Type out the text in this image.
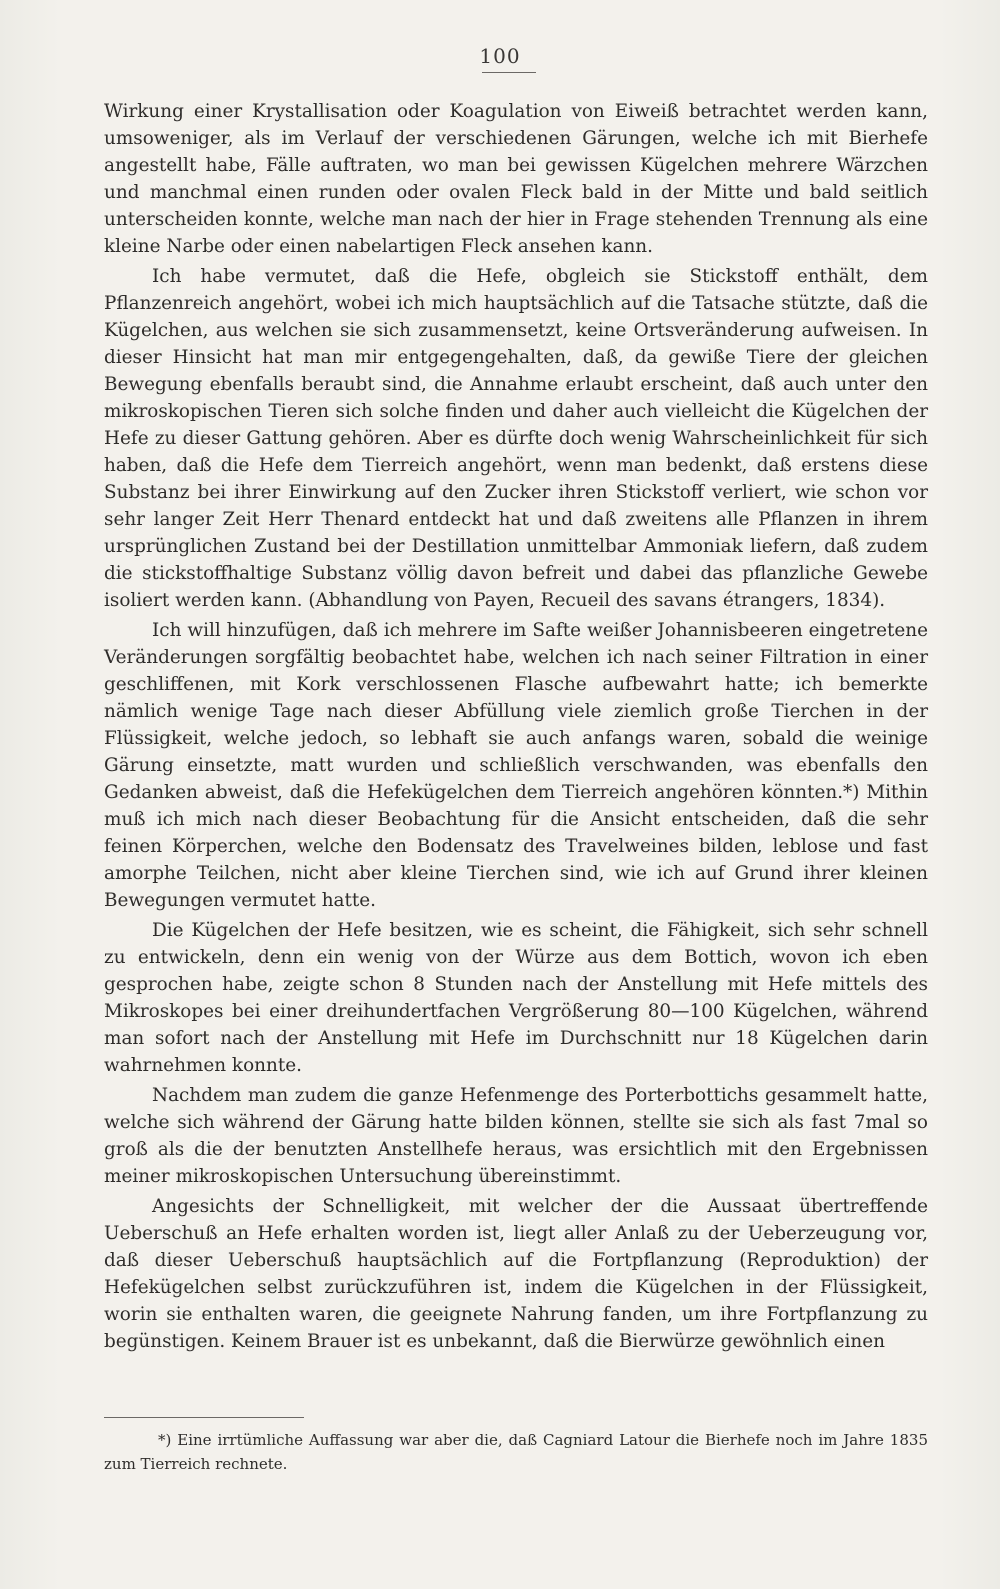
100

Wirkung einer Krystallisation oder Koagulation von Eiweiß betrachtet werden kann, umsoweniger, als im Verlauf der verschiedenen Gärungen, welche ich mit Bierhefe angestellt habe, Fälle auftraten, wo man bei gewissen Kügelchen mehrere Wärzchen und manchmal einen runden oder ovalen Fleck bald in der Mitte und bald seitlich unterscheiden konnte, welche man nach der hier in Frage stehenden Trennung als eine kleine Narbe oder einen nabelartigen Fleck ansehen kann.

Ich habe vermutet, daß die Hefe, obgleich sie Stickstoff enthält, dem Pflanzenreich angehört, wobei ich mich hauptsächlich auf die Tatsache stützte, daß die Kügelchen, aus welchen sie sich zusammensetzt, keine Ortsveränderung aufweisen. In dieser Hinsicht hat man mir entgegengehalten, daß, da gewiße Tiere der gleichen Bewegung ebenfalls beraubt sind, die Annahme erlaubt erscheint, daß auch unter den mikroskopischen Tieren sich solche finden und daher auch vielleicht die Kügelchen der Hefe zu dieser Gattung gehören. Aber es dürfte doch wenig Wahrscheinlichkeit für sich haben, daß die Hefe dem Tierreich angehört, wenn man bedenkt, daß erstens diese Substanz bei ihrer Einwirkung auf den Zucker ihren Stickstoff verliert, wie schon vor sehr langer Zeit Herr Thenard entdeckt hat und daß zweitens alle Pflanzen in ihrem ursprünglichen Zustand bei der Destillation unmittelbar Ammoniak liefern, daß zudem die stickstoffhaltige Substanz völlig davon befreit und dabei das pflanzliche Gewebe isoliert werden kann. (Abhandlung von Payen, Recueil des savans étrangers, 1834).

Ich will hinzufügen, daß ich mehrere im Safte weißer Johannisbeeren eingetretene Veränderungen sorgfältig beobachtet habe, welchen ich nach seiner Filtration in einer geschliffenen, mit Kork verschlossenen Flasche aufbewahrt hatte; ich bemerkte nämlich wenige Tage nach dieser Abfüllung viele ziemlich große Tierchen in der Flüssigkeit, welche jedoch, so lebhaft sie auch anfangs waren, sobald die weinige Gärung einsetzte, matt wurden und schließlich verschwanden, was ebenfalls den Gedanken abweist, daß die Hefekügelchen dem Tierreich angehören könnten.*) Mithin muß ich mich nach dieser Beobachtung für die Ansicht entscheiden, daß die sehr feinen Körperchen, welche den Bodensatz des Travelweines bilden, leblose und fast amorphe Teilchen, nicht aber kleine Tierchen sind, wie ich auf Grund ihrer kleinen Bewegungen vermutet hatte.

Die Kügelchen der Hefe besitzen, wie es scheint, die Fähigkeit, sich sehr schnell zu entwickeln, denn ein wenig von der Würze aus dem Bottich, wovon ich eben gesprochen habe, zeigte schon 8 Stunden nach der Anstellung mit Hefe mittels des Mikroskopes bei einer dreihundertfachen Vergrößerung 80—100 Kügelchen, während man sofort nach der Anstellung mit Hefe im Durchschnitt nur 18 Kügelchen darin wahrnehmen konnte.

Nachdem man zudem die ganze Hefenmenge des Porterbottichs gesammelt hatte, welche sich während der Gärung hatte bilden können, stellte sie sich als fast 7mal so groß als die der benutzten Anstellhefe heraus, was ersichtlich mit den Ergebnissen meiner mikroskopischen Untersuchung übereinstimmt.

Angesichts der Schnelligkeit, mit welcher der die Aussaat übertreffende Ueberschuß an Hefe erhalten worden ist, liegt aller Anlaß zu der Ueberzeugung vor, daß dieser Ueberschuß hauptsächlich auf die Fortpflanzung (Reproduktion) der Hefekügelchen selbst zurückzuführen ist, indem die Kügelchen in der Flüssigkeit, worin sie enthalten waren, die geeignete Nahrung fanden, um ihre Fortpflanzung zu begünstigen. Keinem Brauer ist es unbekannt, daß die Bierwürze gewöhnlich einen

*) Eine irrtümliche Auffassung war aber die, daß Cagniard Latour die Bierhefe noch im Jahre 1835 zum Tierreich rechnete.
